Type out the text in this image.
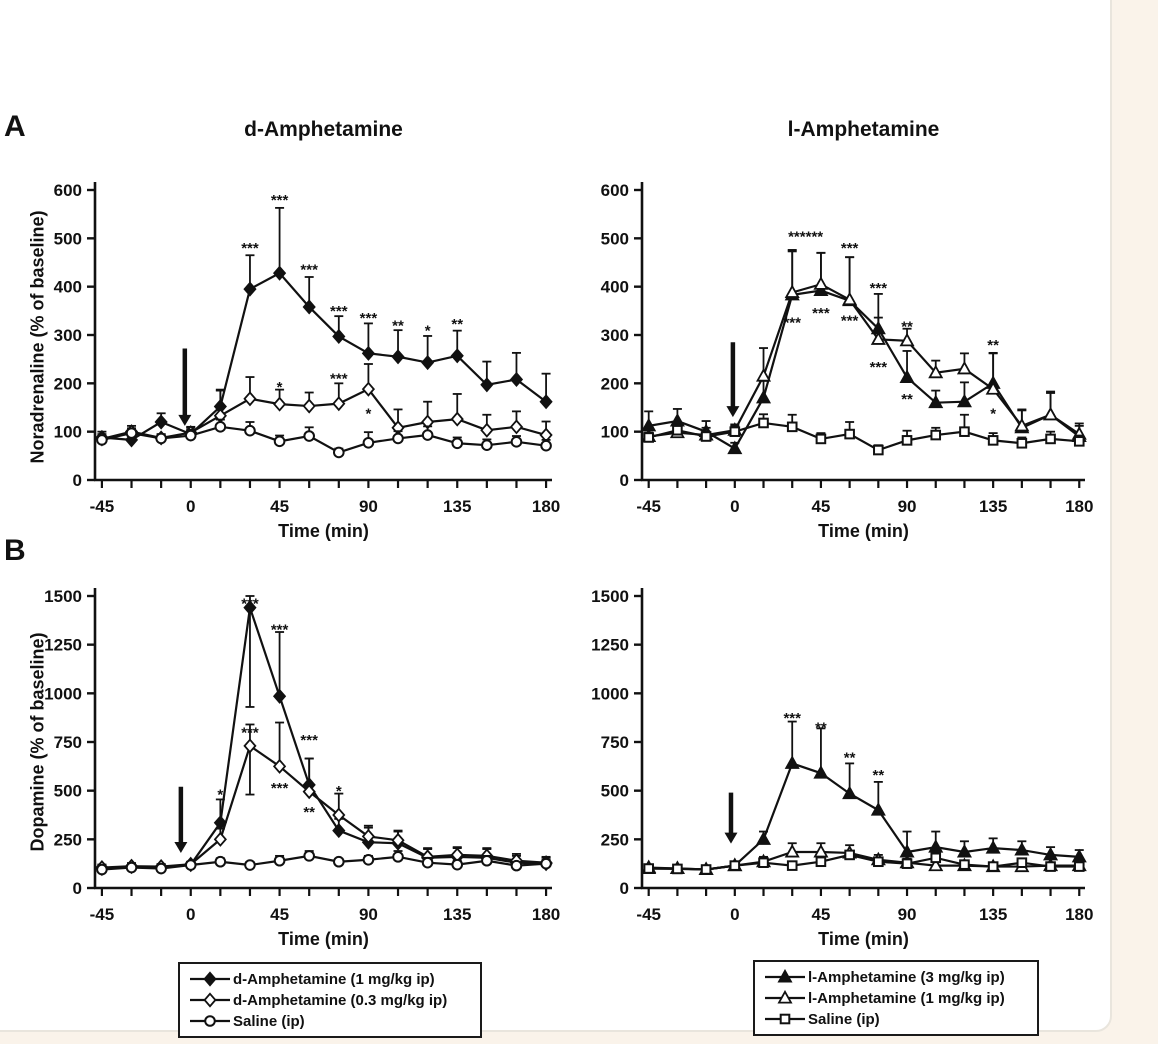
A
B
d-Amphetamine	l-Amphetamine
Noradrenaline (% of baseline)
Dopamine (% of baseline)
0
100
200
300
400
500
600
-45	0	45	90	135	180
Time (min)
***
***
***
*** *** ** * **
*	***
*
0
100
200
300
400
500
600
-45	0	45	90	135	180
Time (min)
******
***
***
*** ***
***
***
**
**
**
*
0
250
500
750
1000
1250
1500
-45	0	45	90	135	180
Time (min)
*
***
***
***
***
***
**
*
0
250
500
750
1000
1250
1500
-45	0	45	90	135	180
Time (min)
***
**
**
**
d-Amphetamine (1 mg/kg ip)
d-Amphetamine (0.3 mg/kg ip)
Saline (ip)
l-Amphetamine (3 mg/kg ip)
l-Amphetamine (1 mg/kg ip)
Saline (ip)
